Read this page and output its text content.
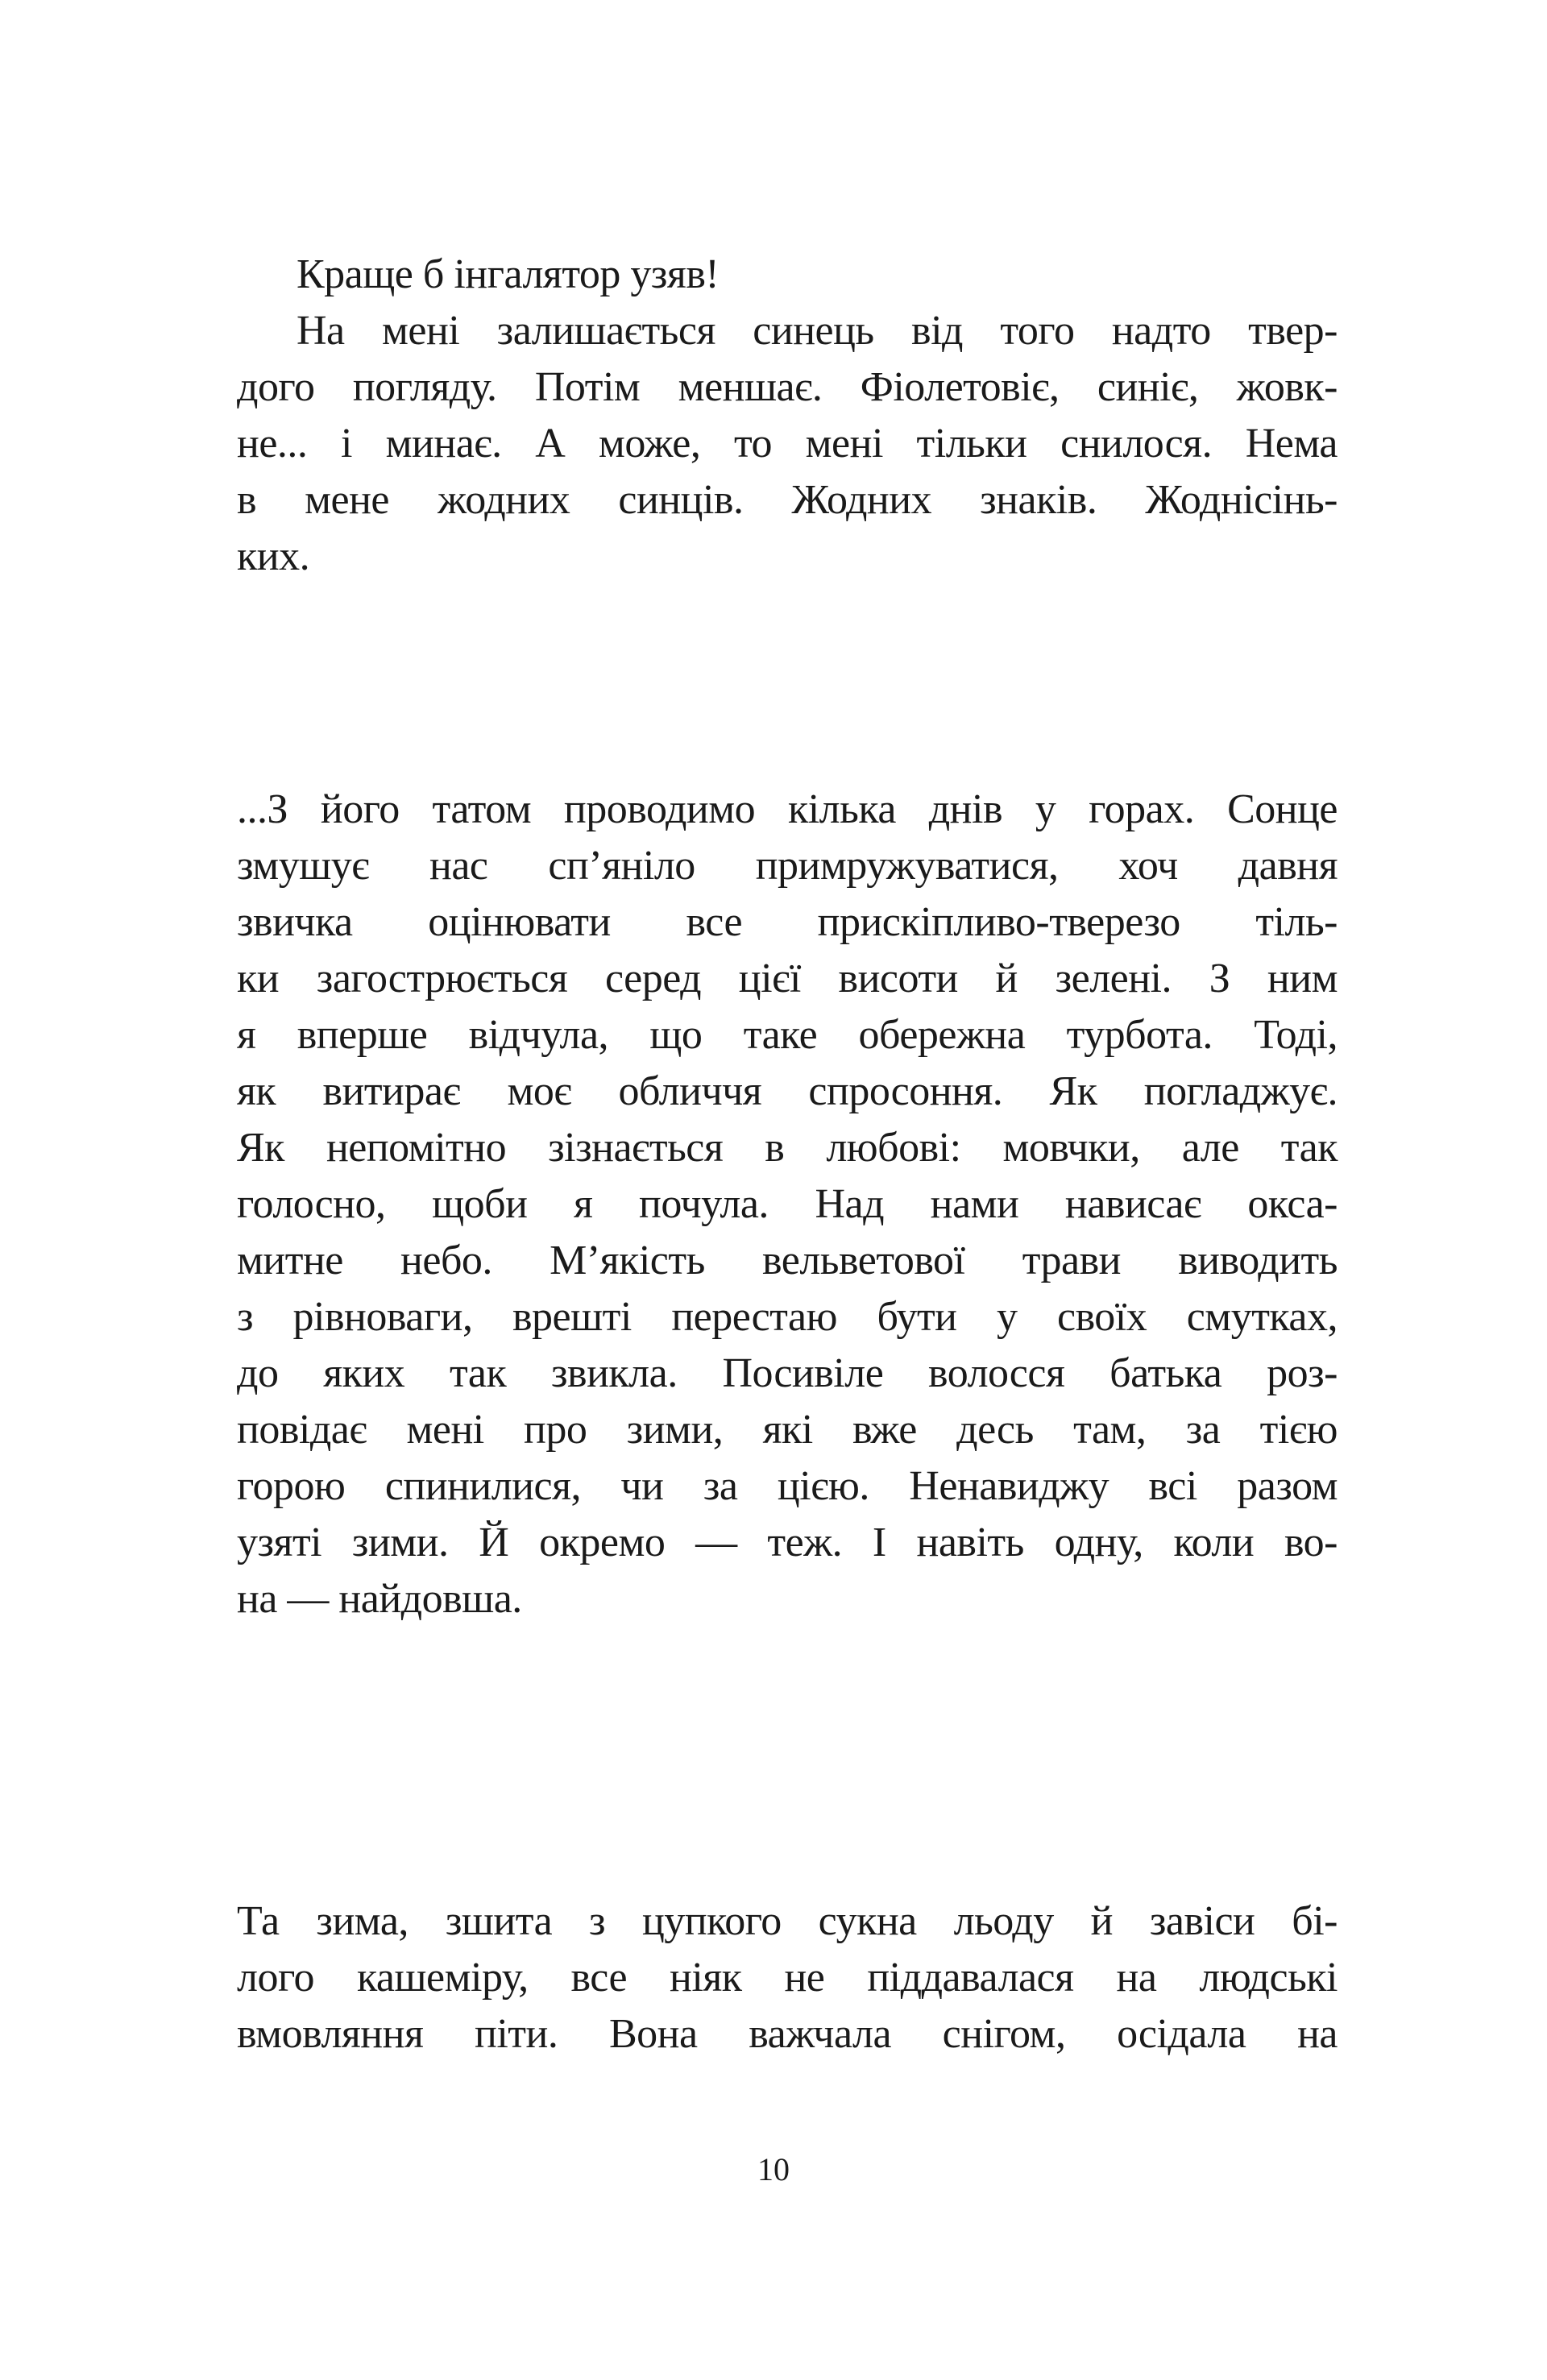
Краще б інгалятор узяв!
На мені залишається синець від того надто твер-
дого погляду. Потім меншає. Фіолетовіє, синіє, жовк-
не... і минає. А може, то мені тільки снилося. Нема
в мене жодних синців. Жодних знаків. Жоднісінь-
ких.
...З його татом проводимо кілька днів у горах. Сонце
змушує нас сп’яніло примружуватися, хоч давня
звичка оцінювати все прискіпливо-тверезо тіль-
ки загострюється серед цієї висоти й зелені. З ним
я вперше відчула, що таке обережна турбота. Тоді,
як витирає моє обличчя спросоння. Як погладжує.
Як непомітно зізнається в любові: мовчки, але так
голосно, щоби я почула. Над нами нависає окса-
митне небо. М’якість вельветової трави виводить
з рівноваги, врешті перестаю бути у своїх смутках,
до яких так звикла. Посивіле волосся батька роз-
повідає мені про зими, які вже десь там, за тією
горою спинилися, чи за цією. Ненавиджу всі разом
узяті зими. Й окремо — теж. І навіть одну, коли во-
на — найдовша.
Та зима, зшита з цупкого сукна льоду й завіси бі-
лого кашеміру, все ніяк не піддавалася на людські
вмовляння піти. Вона важчала снігом, осідала на
10
